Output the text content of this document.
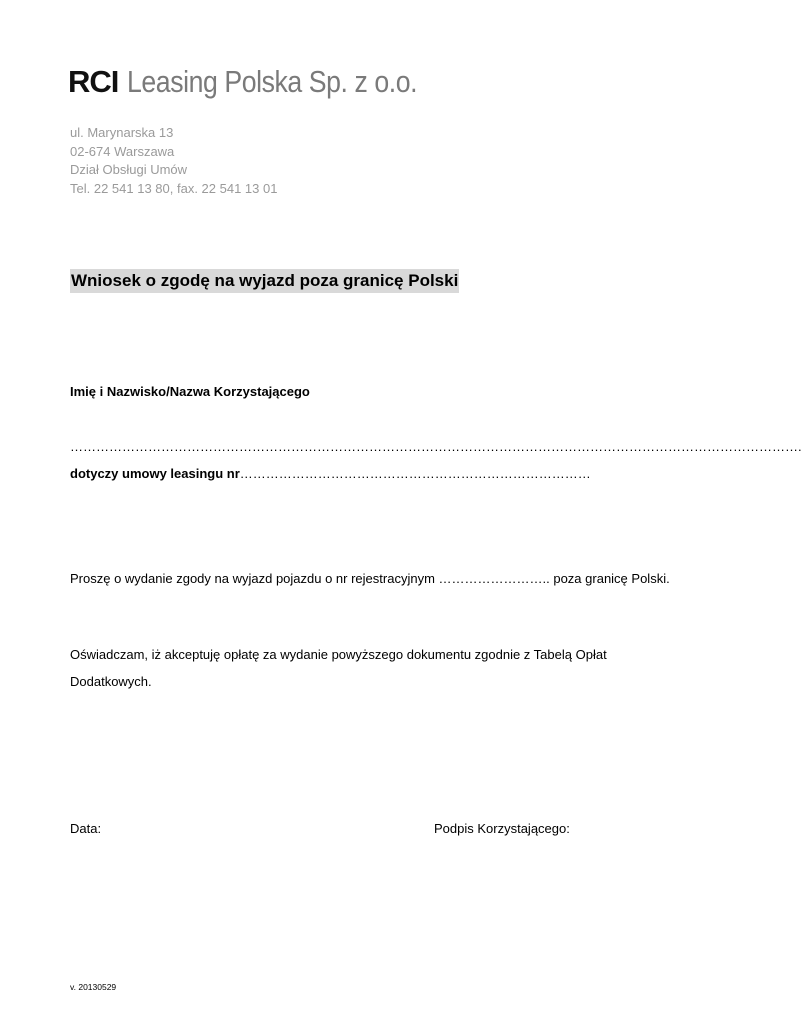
RCI Leasing Polska Sp. z o.o.
ul. Marynarska 13
02-674 Warszawa
Dział Obsługi Umów
Tel. 22 541 13 80, fax. 22 541 13 01
Wniosek o zgodę na wyjazd poza granicę Polski
Imię i Nazwisko/Nazwa Korzystającego
…………………………………………………………………………………………………………………………………………………….
dotyczy umowy leasingu nr………………………………………………………………………
Proszę o wydanie zgody na wyjazd pojazdu o nr rejestracyjnym …………………….. poza granicę Polski.
Oświadczam, iż akceptuję opłatę za wydanie powyższego dokumentu zgodnie z Tabelą Opłat Dodatkowych.
Data:	Podpis Korzystającego:
v. 20130529
